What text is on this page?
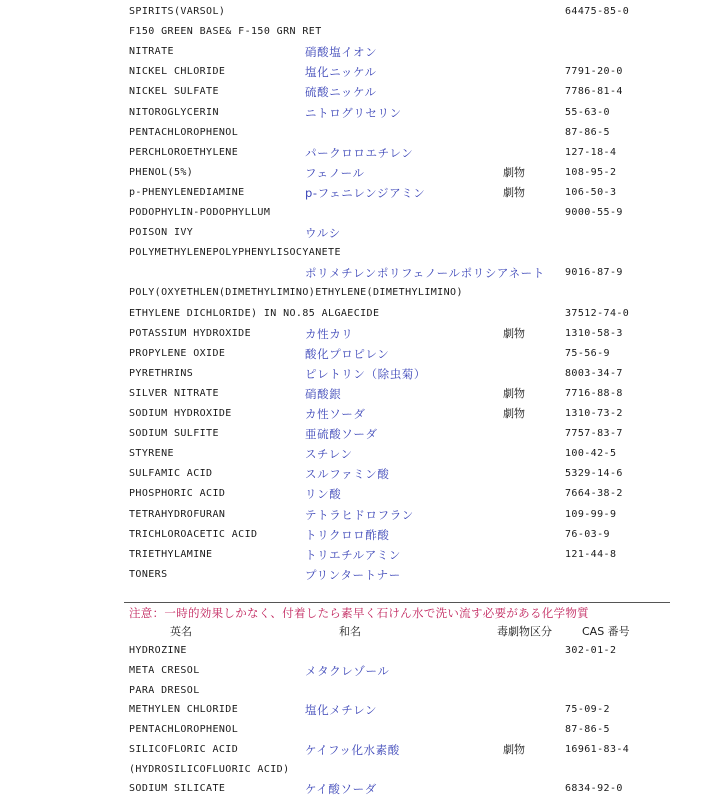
SPIRITS(VARSOL)	64475-85-0
F150 GREEN BASE& F-150 GRN RET
NITRATE	硝酸塩イオン
NICKEL CHLORIDE	塩化ニッケル	7791-20-0
NICKEL SULFATE	硫酸ニッケル	7786-81-4
NITOROGLYCERIN	ニトログリセリン	55-63-0
PENTACHLOROPHENOL	87-86-5
PERCHLOROETHYLENE	パークロロエチレン	127-18-4
PHENOL(5%)	フェノール	劇物	108-95-2
p-PHENYLENEDIAMINE	p-フェニレンジアミン	劇物	106-50-3
PODOPHYLIN-PODOPHYLLUM	9000-55-9
POISON IVY	ウルシ
POLYMETHYLENEPOLYPHENYLISOCYANETE
ポリメチレンポリフェノールポリシアネート 9016-87-9
POLY(OXYETHLEN(DIMETHYLIMINO)ETHYLENE(DIMETHYLIMINO)
ETHYLENE DICHLORIDE) IN NO.85 ALGAECIDE	37512-74-0
POTASSIUM HYDROXIDE	カ性カリ	劇物	1310-58-3
PROPYLENE OXIDE	酸化プロピレン	75-56-9
PYRETHRINS	ピレトリン（除虫菊）	8003-34-7
SILVER NITRATE	硝酸銀	劇物	7716-88-8
SODIUM HYDROXIDE	カ性ソーダ	劇物	1310-73-2
SODIUM SULFITE	亜硫酸ソーダ	7757-83-7
STYRENE	スチレン	100-42-5
SULFAMIC ACID	スルファミン酸	5329-14-6
PHOSPHORIC ACID	リン酸	7664-38-2
TETRAHYDROFURAN	テトラヒドロフラン	109-99-9
TRICHLOROACETIC ACID	トリクロロ酢酸	76-03-9
TRIETHYLAMINE	トリエチルアミン	121-44-8
TONERS	プリンタートナー
注意：一時的効果しかなく、付着したら素早く石けん水で洗い流す必要がある化学物質
英名	和名	毒劇物区分	CAS 番号
HYDROZINE	302-01-2
META CRESOL	メタクレゾール
PARA DRESOL
METHYLEN CHLORIDE	塩化メチレン	75-09-2
PENTACHLOROPHENOL	87-86-5
SILICOFLORIC ACID	ケイフッ化水素酸	劇物	16961-83-4
(HYDROSILICOFLUORIC ACID)
SODIUM SILICATE	ケイ酸ソーダ	6834-92-0
